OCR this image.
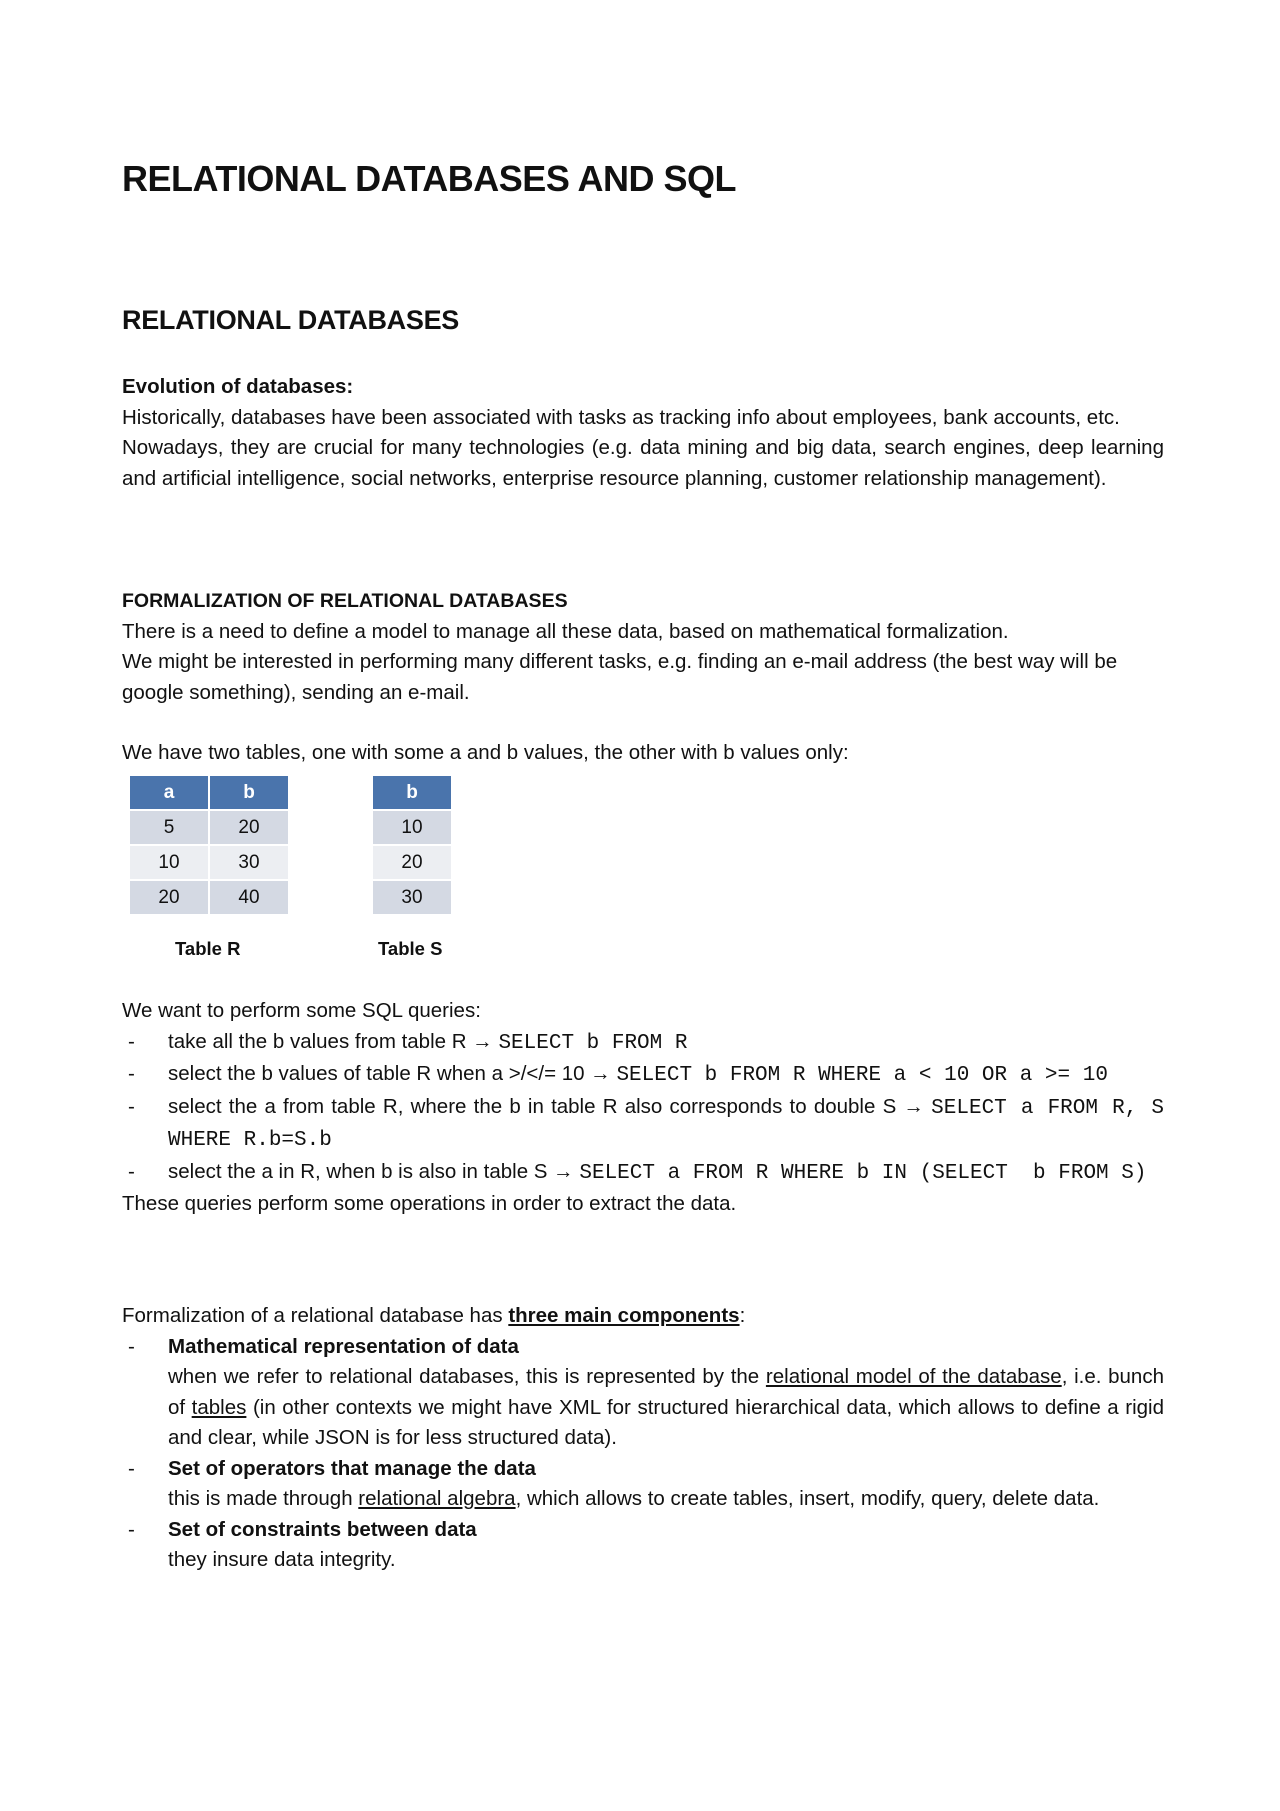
RELATIONAL DATABASES AND SQL
RELATIONAL DATABASES

Evolution of databases:

Historically, databases have been associated with tasks as tracking info about employees, bank accounts, etc.

Nowadays, they are crucial for many technologies (e.g. data mining and big data, search engines, deep learning and artificial intelligence, social networks, enterprise resource planning, customer relationship management).

FORMALIZATION OF RELATIONAL DATABASES

There is a need to define a model to manage all these data, based on mathematical formalization.

We might be interested in performing many different tasks, e.g. finding an e-mail address (the best way will be google something), sending an e-mail.

We have two tables, one with some a and b values, the other with b values only:

a	b
5	20
10	30
20	40
Table R
b
10
20
30
Table S

We want to perform some SQL queries:

- take all the b values from table R → SELECT b FROM R
- select the b values of table R when a >/</= 10 → SELECT b FROM R WHERE a < 10 OR a >= 10
- select the a from table R, where the b in table R also corresponds to double S → SELECT a FROM R, S WHERE R.b=S.b
- select the a in R, when b is also in table S → SELECT a FROM R WHERE b IN (SELECT  b FROM S)

These queries perform some operations in order to extract the data.

Formalization of a relational database has three main components:

- Mathematical representation of data
when we refer to relational databases, this is represented by the relational model of the database, i.e. bunch of tables (in other contexts we might have XML for structured hierarchical data, which allows to define a rigid and clear, while JSON is for less structured data).
- Set of operators that manage the data
this is made through relational algebra, which allows to create tables, insert, modify, query, delete data.
- Set of constraints between data
they insure data integrity.
